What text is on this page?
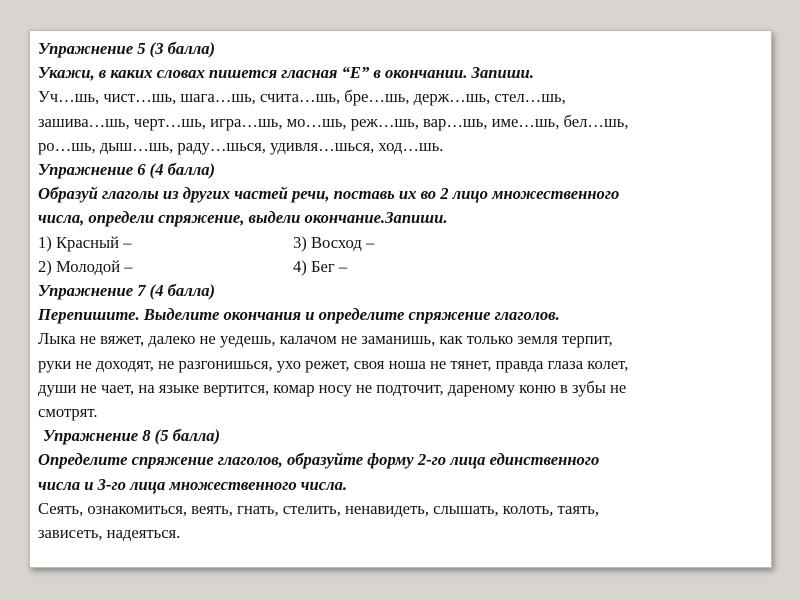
Упражнение 5 (3 балла)

Укажи, в каких словах пишется гласная “Е” в окончании. Запиши.

Уч…шь, чист…шь, шага…шь, счита…шь, бре…шь, держ…шь, стел…шь,

зашива…шь, черт…шь, игра…шь, мо…шь, реж…шь, вар…шь, име…шь, бел…шь,

ро…шь, дыш…шь, раду…шься, удивля…шься, ход…шь.

Упражнение 6 (4 балла)

Образуй глаголы из других частей речи, поставь их во 2 лицо множественного

числа, определи спряжение, выдели окончание.Запиши.

1) Красный –	3) Восход –
2) Молодой –	4) Бег –

Упражнение 7 (4 балла)

Перепишите. Выделите окончания и определите спряжение глаголов.

Лыка не вяжет, далеко не уедешь, калачом не заманишь, как только земля терпит,

руки не доходят, не разгонишься, ухо режет, своя ноша не тянет, правда глаза колет,

души не чает, на языке вертится, комар носу не подточит, дареному коню в зубы не

смотрят.

Упражнение 8 (5 балла)

Определите спряжение глаголов, образуйте форму 2-го лица единственного

числа и 3-го лица множественного числа.

Сеять, ознакомиться, веять, гнать, стелить, ненавидеть, слышать, колоть, таять,

зависеть, надеяться.
